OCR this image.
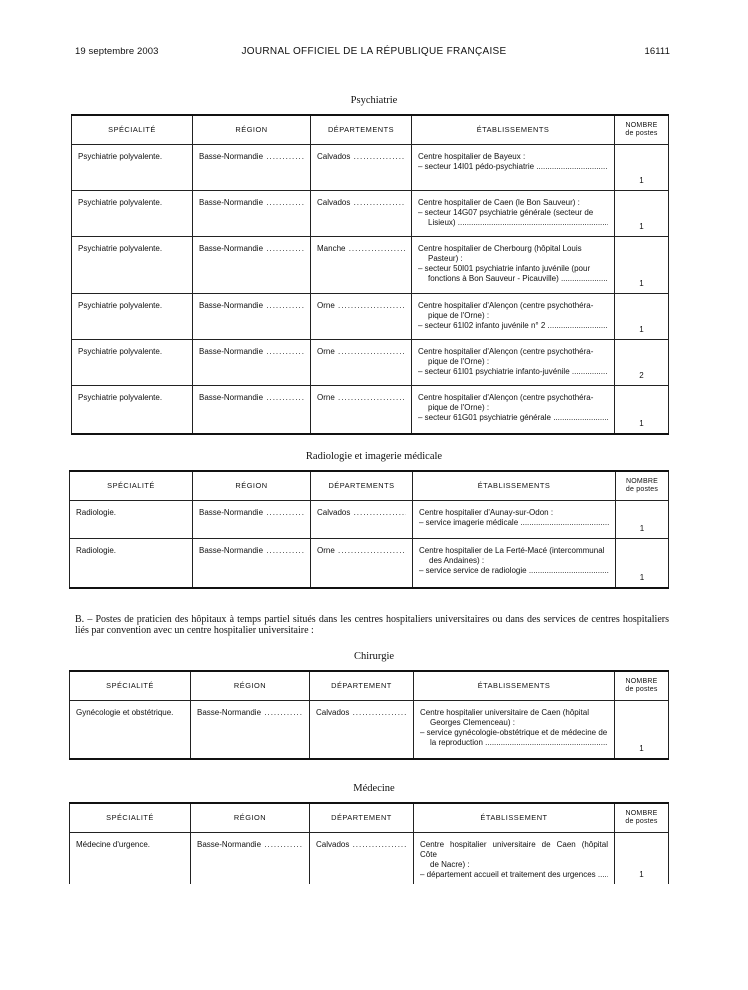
JOURNAL OFFICIEL DE LA RÉPUBLIQUE FRANÇAISE
19 septembre 2003	16111
Psychiatrie
SPÉCIALITÉ	RÉGION	DÉPARTEMENTS	ÉTABLISSEMENTS	NOMBRE
de postes
Psychiatrie polyvalente.	Basse-Normandie .....	Calvados .....	Centre hospitalier de Bayeux :
– secteur 14I01 pédo-psychiatrie .....	1
Psychiatrie polyvalente.	Basse-Normandie .....	Calvados .....	Centre hospitalier de Caen (le Bon Sauveur) :
– secteur 14G07 psychiatrie générale (secteur de
Lisieux) .....	1
Psychiatrie polyvalente.	Basse-Normandie .....	Manche .....	Centre hospitalier de Cherbourg (hôpital Louis
Pasteur) :
– secteur 50I01 psychiatrie infanto juvénile (pour
fonctions à Bon Sauveur - Picauville) .....	1
Psychiatrie polyvalente.	Basse-Normandie .....	Orne .....	Centre hospitalier d'Alençon (centre psychothéra-
pique de l'Orne) :
– secteur 61I02 infanto juvénile n° 2 .....	1
Psychiatrie polyvalente.	Basse-Normandie .....	Orne .....	Centre hospitalier d'Alençon (centre psychothéra-
pique de l'Orne) :
– secteur 61I01 psychiatrie infanto-juvénile .....	2
Psychiatrie polyvalente.	Basse-Normandie .....	Orne .....	Centre hospitalier d'Alençon (centre psychothéra-
pique de l'Orne) :
– secteur 61G01 psychiatrie générale .....	1
Radiologie et imagerie médicale
SPÉCIALITÉ	RÉGION	DÉPARTEMENTS	ÉTABLISSEMENTS	NOMBRE
de postes
Radiologie.	Basse-Normandie .....	Calvados .....	Centre hospitalier d'Aunay-sur-Odon :
– service imagerie médicale .....	1
Radiologie.	Basse-Normandie .....	Orne .....	Centre hospitalier de La Ferté-Macé (intercommunal
des Andaines) :
– service service de radiologie .....	1
B. – Postes de praticien des hôpitaux à temps partiel situés dans les centres hospitaliers universitaires ou dans des services de centres hospitaliers liés par convention avec un centre hospitalier universitaire :
Chirurgie
SPÉCIALITÉ	RÉGION	DÉPARTEMENT	ÉTABLISSEMENTS	NOMBRE
de postes
Gynécologie et obstétrique.	Basse-Normandie .....	Calvados .....	Centre hospitalier universitaire de Caen (hôpital
Georges Clemenceau) :
– service gynécologie-obstétrique et de médecine de
la reproduction .....	1
Médecine
SPÉCIALITÉ	RÉGION	DÉPARTEMENT	ÉTABLISSEMENT	NOMBRE
de postes
Médecine d'urgence.	Basse-Normandie .....	Calvados .....	Centre hospitalier universitaire de Caen (hôpital Côte
de Nacre) :
– département accueil et traitement des urgences .....	1
